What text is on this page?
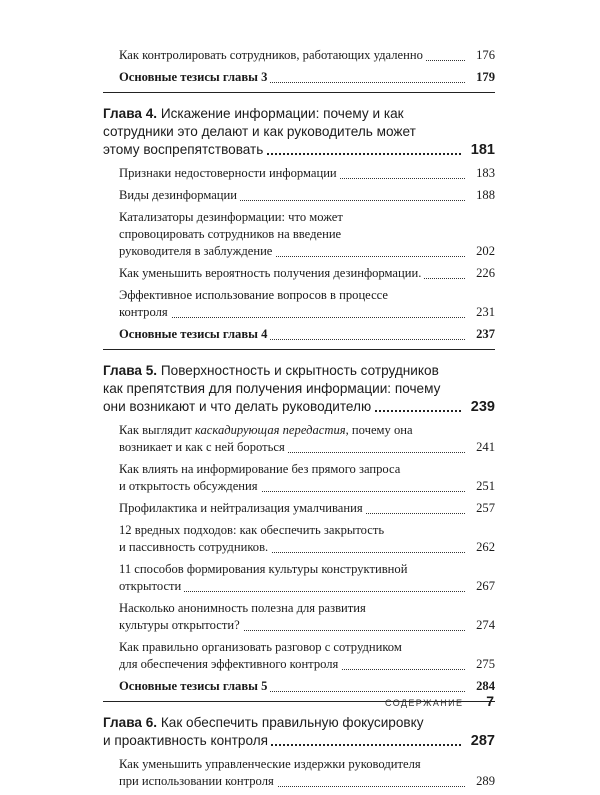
Как контролировать сотрудников, работающих удаленно	176
Основные тезисы главы 3	179
Глава 4. Искажение информации: почему и как
сотрудники это делают и как руководитель может
этому воспрепятствовать	181
Признаки недостоверности информации	183
Виды дезинформации	188
Катализаторы дезинформации: что может
спровоцировать сотрудников на введение
руководителя в заблуждение	202
Как уменьшить вероятность получения дезинформации.	226
Эффективное использование вопросов в процессе
контроля	231
Основные тезисы главы 4	237
Глава 5. Поверхностность и скрытность сотрудников
как препятствия для получения информации: почему
они возникают и что делать руководителю	239
Как выглядит каскадирующая передастия, почему она
возникает и как с ней бороться	241
Как влиять на информирование без прямого запроса
и открытость обсуждения	251
Профилактика и нейтрализация умалчивания	257
12 вредных подходов: как обеспечить закрытость
и пассивность сотрудников.	262
11 способов формирования культуры конструктивной
открытости	267
Насколько анонимность полезна для развития
культуры открытости?	274
Как правильно организовать разговор с сотрудником
для обеспечения эффективного контроля	275
Основные тезисы главы 5	284
Глава 6. Как обеспечить правильную фокусировку
и проактивность контроля	287
Как уменьшить управленческие издержки руководителя
при использовании контроля	289
СОДЕРЖАНИЕ 7
